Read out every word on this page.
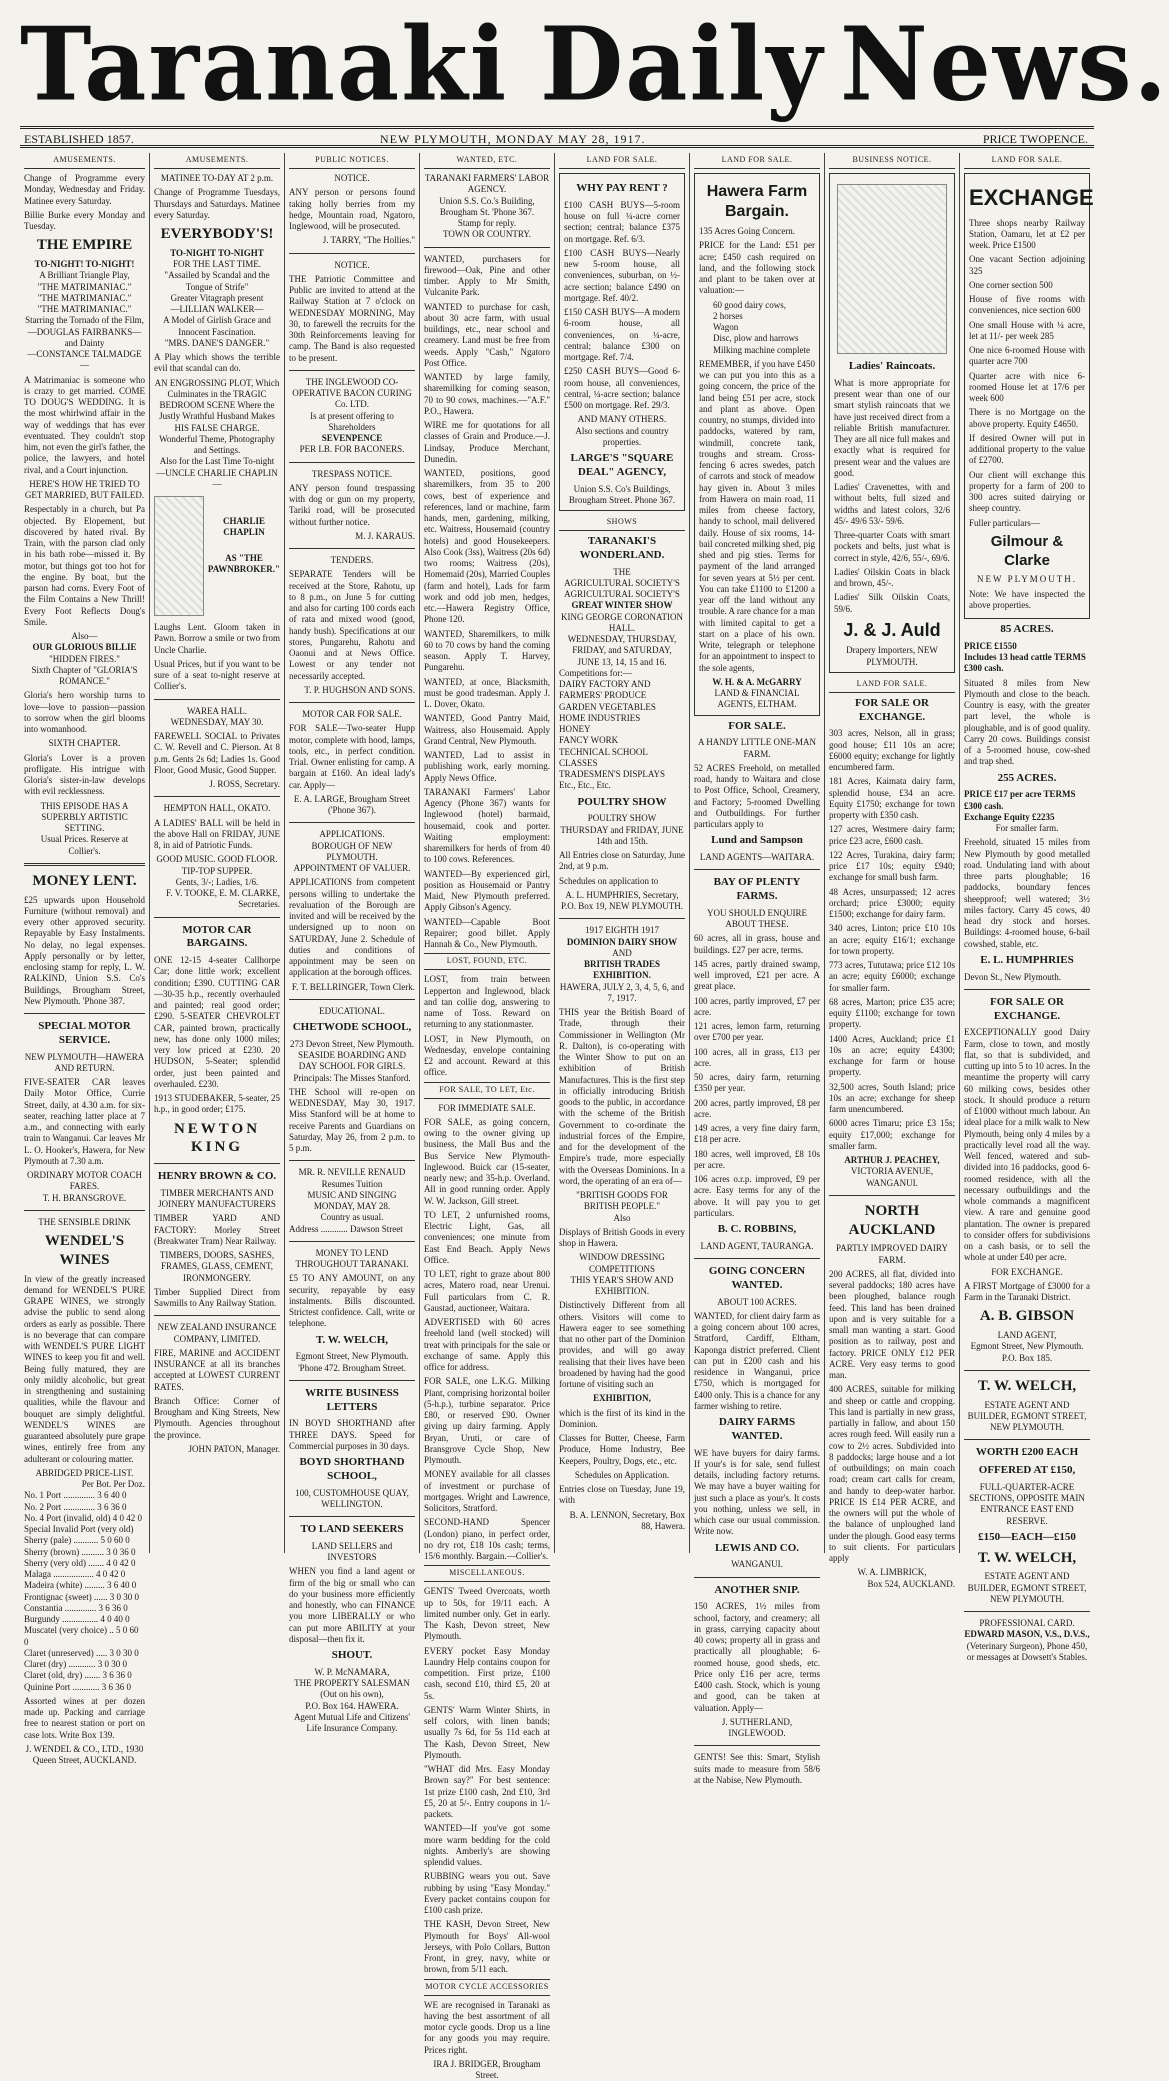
Taranaki Daily News.
ESTABLISHED 1857.	NEW PLYMOUTH, MONDAY MAY 28, 1917.	PRICE TWOPENCE.
AMUSEMENTS.
Change of Programme every Monday, Wednesday and Friday. Matinee every Saturday.
Billie Burke every Monday and Tuesday.
THE EMPIRE
TO-NIGHT! TO-NIGHT!
A Brilliant Triangle Play,
"THE MATRIMANIAC."
"THE MATRIMANIAC."
"THE MATRIMANIAC."
Starring the Tornado of the Film,
—DOUGLAS FAIRBANKS—
and Dainty
—CONSTANCE TALMADGE—
A Matrimaniac is someone who is crazy to get married. COME TO DOUG'S WEDDING. It is the most whirlwind affair in the way of weddings that has ever eventuated. They couldn't stop him, not even the girl's father, the police, the lawyers, and hotel rival, and a Court injunction.
HERE'S HOW HE TRIED TO GET MARRIED, BUT FAILED.
Respectably in a church, but Pa objected. By Elopement, but discovered by hated rival. By Train, with the parson clad only in his bath robe—missed it. By motor, but things got too hot for the engine. By boat, but the parson had corns. Every Foot of the Film Contains a New Thrill! Every Foot Reflects Doug's Smile.
Also—
OUR GLORIOUS BILLIE
"HIDDEN FIRES."
Sixth Chapter of "GLORIA'S ROMANCE."
Gloria's hero worship turns to love—love to passion—passion to sorrow when the girl blooms into womanhood.
SIXTH CHAPTER.
Gloria's Lover is a proven profligate. His intrigue with Gloria's sister-in-law develops with evil recklessness.
THIS EPISODE HAS A SUPERBLY ARTISTIC SETTING.
Usual Prices. Reserve at Collier's.
MONEY LENT.
£25 upwards upon Household Furniture (without removal) and every other approved security. Repayable by Easy Instalments. No delay, no legal expenses. Apply personally or by letter, enclosing stamp for reply, L. W. RALKIND, Union S.S. Co's Buildings, Brougham Street, New Plymouth. 'Phone 387.
SPECIAL MOTOR SERVICE.
NEW PLYMOUTH—HAWERA AND RETURN.
FIVE-SEATER CAR leaves Daily Motor Office, Currie Street, daily, at 4.30 a.m. for six-seater, reaching latter place at 7 a.m., and connecting with early train to Wanganui. Car leaves Mr L. O. Hooker's, Hawera, for New Plymouth at 7.30 a.m.
ORDINARY MOTOR COACH FARES.
T. H. BRANSGROVE.
THE SENSIBLE DRINK
WENDEL'S WINES
In view of the greatly increased demand for WENDEL'S PURE GRAPE WINES, we strongly advise the public to send along orders as early as possible. There is no beverage that can compare with WENDEL'S PURE LIGHT WINES to keep you fit and well. Being fully matured, they are only mildly alcoholic, but great in strengthening and sustaining qualities, while the flavour and bouquet are simply delightful. WENDEL'S WINES are guaranteed absolutely pure grape wines, entirely free from any adulterant or colouring matter.
ABRIDGED PRICE-LIST.
Per Bot. Per Doz.
No. 1 Port .............. 3 6 40 0
No. 2 Port .............. 3 6 36 0
No. 4 Port (invalid, old) 4 0 42 0
Special Invalid Port (very old)
Sherry (pale) ........... 5 0 60 0
Sherry (brown) .......... 3 0 36 0
Sherry (very old) ....... 4 0 42 0
Malaga .................. 4 0 42 0
Madeira (white) ......... 3 6 40 0
Frontignac (sweet) ...... 3 0 30 0
Constantia .............. 3 6 36 0
Burgundy ................ 4 0 40 0
Muscatel (very choice) .. 5 0 60 0
Claret (unreserved) ..... 3 0 30 0
Claret (dry) ............ 3 0 30 0
Claret (old, dry) ....... 3 6 36 0
Quinine Port ............ 3 6 36 0
Assorted wines at per dozen made up. Packing and carriage free to nearest station or port on case lots. Write Box 139.
J. WENDEL & CO., LTD., 1930 Queen Street, AUCKLAND.
AMUSEMENTS.
MATINEE TO-DAY AT 2 p.m.
Change of Programme Tuesdays, Thursdays and Saturdays. Matinee every Saturday.
EVERYBODY'S!
TO-NIGHT TO-NIGHT
FOR THE LAST TIME.
"Assailed by Scandal and the Tongue of Strife"
Greater Vitagraph present
—LILLIAN WALKER—
A Model of Girlish Grace and Innocent Fascination.
"MRS. DANE'S DANGER."
A Play which shows the terrible evil that scandal can do.
AN ENGROSSING PLOT, Which Culminates in the TRAGIC BEDROOM SCENE Where the Justly Wrathful Husband Makes
HIS FALSE CHARGE.
Wonderful Theme, Photography and Settings.
Also for the Last Time To-night
—UNCLE CHARLIE CHAPLIN—
CHARLIE CHAPLIN
AS "THE PAWNBROKER."
Laughs Lent. Gloom taken in Pawn. Borrow a smile or two from Uncle Charlie.
Usual Prices, but if you want to be sure of a seat to-night reserve at Collier's.
WAREA HALL.
WEDNESDAY, MAY 30.
FAREWELL SOCIAL to Privates C. W. Revell and C. Pierson. At 8 p.m. Gents 2s 6d; Ladies 1s. Good Floor, Good Music, Good Supper.
J. ROSS, Secretary.
HEMPTON HALL, OKATO.
A LADIES' BALL will be held in the above Hall on FRIDAY, JUNE 8, in aid of Patriotic Funds.
GOOD MUSIC. GOOD FLOOR. TIP-TOP SUPPER.
Gents, 3/-; Ladies, 1/6.
F. V. TOOKE, E. M. CLARKE, Secretaries.
MOTOR CAR BARGAINS.
ONE 12-15 4-seater Callhorpe Car; done little work; excellent condition; £390. CUTTING CAR—30-35 h.p., recently overhauled and painted; real good order; £290. 5-SEATER CHEVROLET CAR, painted brown, practically new, has done only 1000 miles; very low priced at £230. 20 HUDSON, 5-Seater; splendid order, just been painted and overhauled. £230.
1913 STUDEBAKER, 5-seater, 25 h.p., in good order; £175.
NEWTON KING
HENRY BROWN & CO.
TIMBER MERCHANTS AND JOINERY MANUFACTURERS
TIMBER YARD AND FACTORY: Morley Street (Breakwater Tram) Near Railway.
TIMBERS, DOORS, SASHES, FRAMES, GLASS, CEMENT, IRONMONGERY.
Timber Supplied Direct from Sawmills to Any Railway Station.
NEW ZEALAND INSURANCE COMPANY, LIMITED.
FIRE, MARINE and ACCIDENT INSURANCE at all its branches accepted at LOWEST CURRENT RATES.
Branch Office: Corner of Brougham and King Streets, New Plymouth. Agencies throughout the province.
JOHN PATON, Manager.
PUBLIC NOTICES.
NOTICE.
ANY person or persons found taking holly berries from my hedge, Mountain road, Ngatoro, Inglewood, will be prosecuted.
J. TARRY, "The Hollies."
NOTICE.
THE Patriotic Committee and Public are invited to attend at the Railway Station at 7 o'clock on WEDNESDAY MORNING, May 30, to farewell the recruits for the 30th Reinforcements leaving for camp. The Band is also requested to be present.
THE INGLEWOOD CO-OPERATIVE BACON CURING Co. LTD.
Is at present offering to Shareholders
SEVENPENCE
PER LB. FOR BACONERS.
TRESPASS NOTICE.
ANY person found trespassing with dog or gun on my property, Tariki road, will be prosecuted without further notice.
M. J. KARAUS.
TENDERS.
SEPARATE Tenders will be received at the Store, Rahotu, up to 8 p.m., on June 5 for cutting and also for carting 100 cords each of rata and mixed wood (good, handy bush). Specifications at our stores, Pungarehu, Rahotu and Oaonui and at News Office. Lowest or any tender not necessarily accepted.
T. P. HUGHSON AND SONS.
MOTOR CAR FOR SALE.
FOR SALE—Two-seater Hupp motor, complete with hood, lamps, tools, etc., in perfect condition. Trial. Owner enlisting for camp. A bargain at £160. An ideal lady's car. Apply—
E. A. LARGE, Brougham Street ('Phone 367).
APPLICATIONS.
BOROUGH OF NEW PLYMOUTH.
APPOINTMENT OF VALUER.
APPLICATIONS from competent persons willing to undertake the revaluation of the Borough are invited and will be received by the undersigned up to noon on SATURDAY, June 2. Schedule of duties and conditions of appointment may be seen on application at the borough offices.
F. T. BELLRINGER, Town Clerk.
EDUCATIONAL.
CHETWODE SCHOOL,
273 Devon Street, New Plymouth.
SEASIDE BOARDING AND DAY SCHOOL FOR GIRLS.
Principals: The Misses Stanford.
THE School will re-open on WEDNESDAY, May 30, 1917. Miss Stanford will be at home to receive Parents and Guardians on Saturday, May 26, from 2 p.m. to 5 p.m.
MR. R. NEVILLE RENAUD
Resumes Tuition
MUSIC AND SINGING
MONDAY, MAY 28.
Country as usual.
Address ............ Dawson Street
MONEY TO LEND THROUGHOUT TARANAKI.
£5 TO ANY AMOUNT, on any security, repayable by easy instalments. Bills discounted. Strictest confidence. Call, write or telephone.
T. W. WELCH,
Egmont Street, New Plymouth. 'Phone 472. Brougham Street.
WRITE BUSINESS LETTERS
IN BOYD SHORTHAND after THREE DAYS. Speed for Commercial purposes in 30 days.
BOYD SHORTHAND SCHOOL,
100, CUSTOMHOUSE QUAY, WELLINGTON.
TO LAND SEEKERS
LAND SELLERS and INVESTORS
WHEN you find a land agent or firm of the big or small who can do your business more efficiently and honestly, who can FINANCE you more LIBERALLY or who can put more ABILITY at your disposal—then fix it.
SHOUT.
W. P. McNAMARA,
THE PROPERTY SALESMAN (Out on his own),
P.O. Box 164. HAWERA.
Agent Mutual Life and Citizens' Life Insurance Company.
WANTED, ETC.
TARANAKI FARMERS' LABOR AGENCY.
Union S.S. Co.'s Building, Brougham St. 'Phone 367.
Stamp for reply.
TOWN OR COUNTRY.
WANTED, purchasers for firewood—Oak, Pine and other timber. Apply to Mr Smith, Vulcanite Park.
WANTED to purchase for cash, about 30 acre farm, with usual buildings, etc., near school and creamery. Land must be free from weeds. Apply "Cash," Ngatoro Post Office.
WANTED by large family, sharemilking for coming season, 70 to 90 cows, machines.—"A.F." P.O., Hawera.
WIRE me for quotations for all classes of Grain and Produce.—J. Lindsay, Produce Merchant, Dunedin.
WANTED, positions, good sharemilkers, from 35 to 200 cows, best of experience and references, land or machine, farm hands, men, gardening, milking, etc. Waitress, Housemaid (country hotels) and good Housekeepers. Also Cook (3ss), Waitress (20s 6d) two rooms; Waitress (20s), Homemaid (20s), Married Couples (farm and hotel), Lads for farm work and odd job men, hedges, etc.—Hawera Registry Office, Phone 120.
WANTED, Sharemilkers, to milk 60 to 70 cows by hand the coming season. Apply T. Harvey, Pungarehu.
WANTED, at once, Blacksmith, must be good tradesman. Apply J. L. Dover, Okato.
WANTED, Good Pantry Maid, Waitress, also Housemaid. Apply Grand Central, New Plymouth.
WANTED, Lad to assist in publishing work, early morning. Apply News Office.
TARANAKI Farmers' Labor Agency (Phone 367) wants for Inglewood (hotel) barmaid, housemaid, cook and porter. Waiting employment: sharemilkers for herds of from 40 to 100 cows. References.
WANTED—By experienced girl, position as Housemaid or Pantry Maid, New Plymouth preferred. Apply Gibson's Agency.
WANTED—Capable Boot Repairer; good billet. Apply Hannah & Co., New Plymouth.
LOST, FOUND, ETC.
LOST, from train between Lepperton and Inglewood, black and tan collie dog, answering to name of Toss. Reward on returning to any stationmaster.
LOST, in New Plymouth, on Wednesday, envelope containing £2 and account. Reward at this office.
FOR SALE, TO LET, Etc.
FOR IMMEDIATE SALE.
FOR SALE, as going concern, owing to the owner giving up business, the Mall Bus and the Bus Service New Plymouth-Inglewood. Buick car (15-seater, nearly new; and 35-h.p. Overland. All in good running order. Apply W. W. Jackson, Gill street.
TO LET, 2 unfurnished rooms, Electric Light, Gas, all conveniences; one minute from East End Beach. Apply News Office.
TO LET, right to graze about 800 acres, Matero road, near Urenui. Full particulars from C. R. Gaustad, auctioneer, Waitara.
ADVERTISED with 60 acres freehold land (well stocked) will treat with principals for the sale or exchange of same. Apply this office for address.
FOR SALE, one L.K.G. Milking Plant, comprising horizontal boiler (5-h.p.), turbine separator. Price £80, or reserved £90. Owner giving up dairy farming. Apply Bryan, Uruti, or care of Bransgrove Cycle Shop, New Plymouth.
MONEY available for all classes of investment or purchase of mortgages. Wright and Lawrence, Solicitors, Stratford.
SECOND-HAND Spencer (London) piano, in perfect order, no dry rot, £18 10s cash; terms, 15/6 monthly. Bargain.—Collier's.
MISCELLANEOUS.
GENTS' Tweed Overcoats, worth up to 50s, for 19/11 each. A limited number only. Get in early. The Kash, Devon street, New Plymouth.
EVERY pocket Easy Monday Laundry Help contains coupon for competition. First prize, £100 cash, second £10, third £5, 20 at 5s.
GENTS' Warm Winter Shirts, in self colors, with linen bands; usually 7s 6d, for 5s 11d each at The Kash, Devon Street, New Plymouth.
"WHAT did Mrs. Easy Monday Brown say?" For best sentence: 1st prize £100 cash, 2nd £10, 3rd £5, 20 at 5/-. Entry coupons in 1/- packets.
WANTED—If you've got some more warm bedding for the cold nights. Amberly's are showing splendid values.
RUBBING wears you out. Save rubbing by using "Easy Monday." Every packet contains coupon for £100 cash prize.
THE KASH, Devon Street, New Plymouth for Boys' All-wool Jerseys, with Polo Collars, Button Front, in grey, navy, white or brown, from 5/11 each.
MOTOR CYCLE ACCESSORIES
WE are recognised in Taranaki as having the best assortment of all motor cycle goods. Drop us a line for any goods you may require. Prices right.
IRA J. BRIDGER, Brougham Street.
LAND FOR SALE.
WHY PAY RENT ?
£100 CASH BUYS—5-room house on full ¼-acre corner section; central; balance £375 on mortgage. Ref. 6/3.
£100 CASH BUYS—Nearly new 5-room house, all conveniences, suburban, on ½-acre section; balance £490 on mortgage. Ref. 40/2.
£150 CASH BUYS—A modern 6-room house, all conveniences, on ¼-acre, central; balance £300 on mortgage. Ref. 7/4.
£250 CASH BUYS—Good 6-room house, all conveniences, central, ¼-acre section; balance £500 on mortgage. Ref. 29/3.
AND MANY OTHERS.
Also sections and country properties.
LARGE'S "SQUARE DEAL" AGENCY,
Union S.S. Co's Buildings, Brougham Street. Phone 367.
SHOWS
TARANAKI'S WONDERLAND.
THE
AGRICULTURAL SOCIETY'S AGRICULTURAL SOCIETY'S
GREAT WINTER SHOW
KING GEORGE CORONATION HALL.
WEDNESDAY, THURSDAY, FRIDAY, and SATURDAY,
JUNE 13, 14, 15 and 16.
Competitions for:—
DAIRY FACTORY AND FARMERS' PRODUCE
GARDEN VEGETABLES
HOME INDUSTRIES
HONEY
FANCY WORK
TECHNICAL SCHOOL CLASSES
TRADESMEN'S DISPLAYS
Etc., Etc., Etc.
POULTRY SHOW
POULTRY SHOW
THURSDAY and FRIDAY, JUNE 14th and 15th.
All Entries close on Saturday, June 2nd, at 9 p.m.
Schedules on application to
A. L. HUMPHRIES, Secretary,
P.O. Box 19, NEW PLYMOUTH.
1917 EIGHTH 1917
DOMINION DAIRY SHOW
AND
BRITISH TRADES EXHIBITION.
HAWERA, JULY 2, 3, 4, 5, 6, and 7, 1917.
THIS year the British Board of Trade, through their Commissioner in Wellington (Mr R. Dalton), is co-operating with the Winter Show to put on an exhibition of British Manufactures. This is the first step in officially introducing British goods to the public, in accordance with the scheme of the British Government to co-ordinate the industrial forces of the Empire, and for the development of the Empire's trade, more especially with the Overseas Dominions. In a word, the operating of an era of—
"BRITISH GOODS FOR BRITISH PEOPLE."
Also
Displays of British Goods in every shop in Hawera.
WINDOW DRESSING COMPETITIONS
THIS YEAR'S SHOW AND EXHIBITION.
Distinctively Different from all others. Visitors will come to Hawera eager to see something that no other part of the Dominion provides, and will go away realising that their lives have been broadened by having had the good fortune of visiting such an
EXHIBITION,
which is the first of its kind in the Dominion.
Classes for Butter, Cheese, Farm Produce, Home Industry, Bee Keepers, Poultry, Dogs, etc., etc.
Schedules on Application.
Entries close on Tuesday, June 19, with
B. A. LENNON, Secretary, Box 88, Hawera.
LAND FOR SALE.
Hawera Farm Bargain.
135 Acres Going Concern.
PRICE for the Land: £51 per acre; £450 cash required on land, and the following stock and plant to be taken over at valuation:—
60 good dairy cows,
2 horses
Wagon
Disc, plow and harrows
Milking machine complete
REMEMBER, if you have £450 we can put you into this as a going concern, the price of the land being £51 per acre, stock and plant as above. Open country, no stumps, divided into paddocks, watered by ram, windmill, concrete tank, troughs and stream. Cross-fencing 6 acres swedes, patch of carrots and stock of meadow hay given in. About 3 miles from Hawera on main road, 11 miles from cheese factory, handy to school, mail delivered daily. House of six rooms, 14-bail concreted milking shed, pig shed and pig sties. Terms for payment of the land arranged for seven years at 5½ per cent. You can take £1100 to £1200 a year off the land without any trouble. A rare chance for a man with limited capital to get a start on a place of his own. Write, telegraph or telephone for an appointment to inspect to the sole agents,
W. H. & A. McGARRY
LAND & FINANCIAL AGENTS, ELTHAM.
FOR SALE.
A HANDY LITTLE ONE-MAN FARM.
52 ACRES Freehold, on metalled road, handy to Waitara and close to Post Office, School, Creamery, and Factory; 5-roomed Dwelling and Outbuildings. For further particulars apply to
Lund and Sampson
LAND AGENTS—WAITARA.
BAY OF PLENTY FARMS.
YOU SHOULD ENQUIRE ABOUT THESE.
60 acres, all in grass, house and buildings. £27 per acre, terms.
145 acres, partly drained swamp, well improved, £21 per acre. A great place.
100 acres, partly improved, £7 per acre.
121 acres, lemon farm, returning over £700 per year.
100 acres, all in grass, £13 per acre.
50 acres, dairy farm, returning £350 per year.
200 acres, partly improved, £8 per acre.
149 acres, a very fine dairy farm, £18 per acre.
180 acres, well improved, £8 10s per acre.
106 acres o.r.p. improved, £9 per acre. Easy terms for any of the above. It will pay you to get particulars.
B. C. ROBBINS,
LAND AGENT, TAURANGA.
GOING CONCERN WANTED.
ABOUT 100 ACRES.
WANTED, for client dairy farm as a going concern about 100 acres, Stratford, Cardiff, Eltham, Kaponga district preferred. Client can put in £200 cash and his residence in Wanganui, price £750, which is mortgaged for £400 only. This is a chance for any farmer wishing to retire.
DAIRY FARMS WANTED.
WE have buyers for dairy farms. If your's is for sale, send fullest details, including factory returns. We may have a buyer waiting for just such a place as your's. It costs you nothing, unless we sell, in which case our usual commission. Write now.
LEWIS AND CO.
WANGANUI.
ANOTHER SNIP.
150 ACRES, 1½ miles from school, factory, and creamery; all in grass, carrying capacity about 40 cows; property all in grass and practically all ploughable; 6-roomed house, good sheds, etc. Price only £16 per acre, terms £400 cash. Stock, which is young and good, can be taken at valuation. Apply—
J. SUTHERLAND,
INGLEWOOD.
GENTS! See this: Smart, Stylish suits made to measure from 58/6 at the Nabise, New Plymouth.
BUSINESS NOTICE.
Ladies' Raincoats.
What is more appropriate for present wear than one of our smart stylish raincoats that we have just received direct from a reliable British manufacturer. They are all nice full makes and exactly what is required for present wear and the values are good.
Ladies' Cravenettes, with and without belts, full sized and widths and latest colors, 32/6 45/- 49/6 53/- 59/6.
Three-quarter Coats with smart pockets and belts, just what is correct in style, 42/6, 55/-, 69/6.
Ladies' Oilskin Coats in black and brown, 45/-.
Ladies' Silk Oilskin Coats, 59/6.
J. & J. Auld
Drapery Importers, NEW PLYMOUTH.
LAND FOR SALE.
FOR SALE OR EXCHANGE.
303 acres, Nelson, all in grass; good house; £11 10s an acre; £6000 equity; exchange for lightly encumbered farm.
181 Acres, Kaimata dairy farm, splendid house, £34 an acre. Equity £1750; exchange for town property with £350 cash.
127 acres, Westmere dairy farm; price £23 acre, £600 cash.
122 Acres, Turakina, dairy farm; price £17 10s; equity £940; exchange for small bush farm.
48 Acres, unsurpassed; 12 acres orchard; price £3000; equity £1500; exchange for dairy farm.
340 acres, Linton; price £10 10s an acre; equity £16/1; exchange for town property.
773 acres, Tututawa; price £12 10s an acre; equity £6000; exchange for smaller farm.
68 acres, Marton; price £35 acre; equity £1100; exchange for town property.
1400 Acres, Auckland; price £1 10s an acre; equity £4300; exchange for farm or house property.
32,500 acres, South Island; price 10s an acre; exchange for sheep farm unencumbered.
6000 acres Timaru; price £3 15s; equity £17,000; exchange for smaller farm.
ARTHUR J. PEACHEY,
VICTORIA AVENUE, WANGANUI.
NORTH AUCKLAND
PARTLY IMPROVED DAIRY FARM.
200 ACRES, all flat, divided into several paddocks; 180 acres have been ploughed, balance rough feed. This land has been drained upon and is very suitable for a small man wanting a start. Good position as to railway, post and factory. PRICE ONLY £12 PER ACRE. Very easy terms to good man.
400 ACRES, suitable for milking and sheep or cattle and cropping. This land is partially in new grass, partially in fallow, and about 150 acres rough feed. Will easily run a cow to 2½ acres. Subdivided into 8 paddocks; large house and a lot of outbuildings; on main coach road; cream cart calls for cream, and handy to deep-water harbor. PRICE IS £14 PER ACRE, and the owners will put the whole of the balance of unploughed land under the plough. Good easy terms to suit clients. For particulars apply
W. A. LIMBRICK,
Box 524, AUCKLAND.
LAND FOR SALE.
EXCHANGE
Three shops nearby Railway Station, Oamaru, let at £2 per week. Price £1500
One vacant Section adjoining 325
One corner section 500
House of five rooms with conveniences, nice section 600
One small House with ¼ acre, let at 11/- per week 285
One nice 6-roomed House with quarter acre 700
Quarter acre with nice 6-roomed House let at 17/6 per week 600
There is no Mortgage on the above property. Equity £4650.
If desired Owner will put in additional property to the value of £2700.
Our client will exchange this property for a farm of 200 to 300 acres suited dairying or sheep country.
Fuller particulars—
Gilmour & Clarke
NEW PLYMOUTH.
Note: We have inspected the above properties.
85 ACRES.
PRICE £1550
Includes 13 head cattle TERMS £300 cash.
Situated 8 miles from New Plymouth and close to the beach. Country is easy, with the greater part level, the whole is ploughable, and is of good quality. Carry 20 cows. Buildings consist of a 5-roomed house, cow-shed and trap shed.
255 ACRES.
PRICE £17 per acre TERMS £300 cash.
Exchange Equity £2235
For smaller farm.
Freehold, situated 15 miles from New Plymouth by good metalled road. Undulating land with about three parts ploughable; 16 paddocks, boundary fences sheepproof; well watered; 3½ miles factory. Carry 45 cows, 40 head dry stock and horses. Buildings: 4-roomed house, 6-bail cowshed, stable, etc.
E. L. HUMPHRIES
Devon St., New Plymouth.
FOR SALE OR EXCHANGE.
EXCEPTIONALLY good Dairy Farm, close to town, and mostly flat, so that is subdivided, and cutting up into 5 to 10 acres. In the meantime the property will carry 60 milking cows, besides other stock. It should produce a return of £1000 without much labour. An ideal place for a milk walk to New Plymouth, being only 4 miles by a practically level road all the way. Well fenced, watered and sub-divided into 16 paddocks, good 6-roomed residence, with all the necessary outbuildings and the whole commands a magnificent view. A rare and genuine good plantation. The owner is prepared to consider offers for subdivisions on a cash basis, or to sell the whole at under £40 per acre.
FOR EXCHANGE.
A FIRST Mortgage of £3000 for a Farm in the Taranaki District.
A. B. GIBSON
LAND AGENT,
Egmont Street, New Plymouth. P.O. Box 185.
T. W. WELCH,
ESTATE AGENT AND BUILDER, EGMONT STREET, NEW PLYMOUTH.
WORTH £200 EACH
OFFERED AT £150,
FULL-QUARTER-ACRE SECTIONS, OPPOSITE MAIN ENTRANCE EAST END RESERVE.
£150—EACH—£150
T. W. WELCH,
ESTATE AGENT AND BUILDER, EGMONT STREET, NEW PLYMOUTH.
PROFESSIONAL CARD.
EDWARD MASON, V.S., D.V.S.,
(Veterinary Surgeon), Phone 450, or messages at Dowsett's Stables.
